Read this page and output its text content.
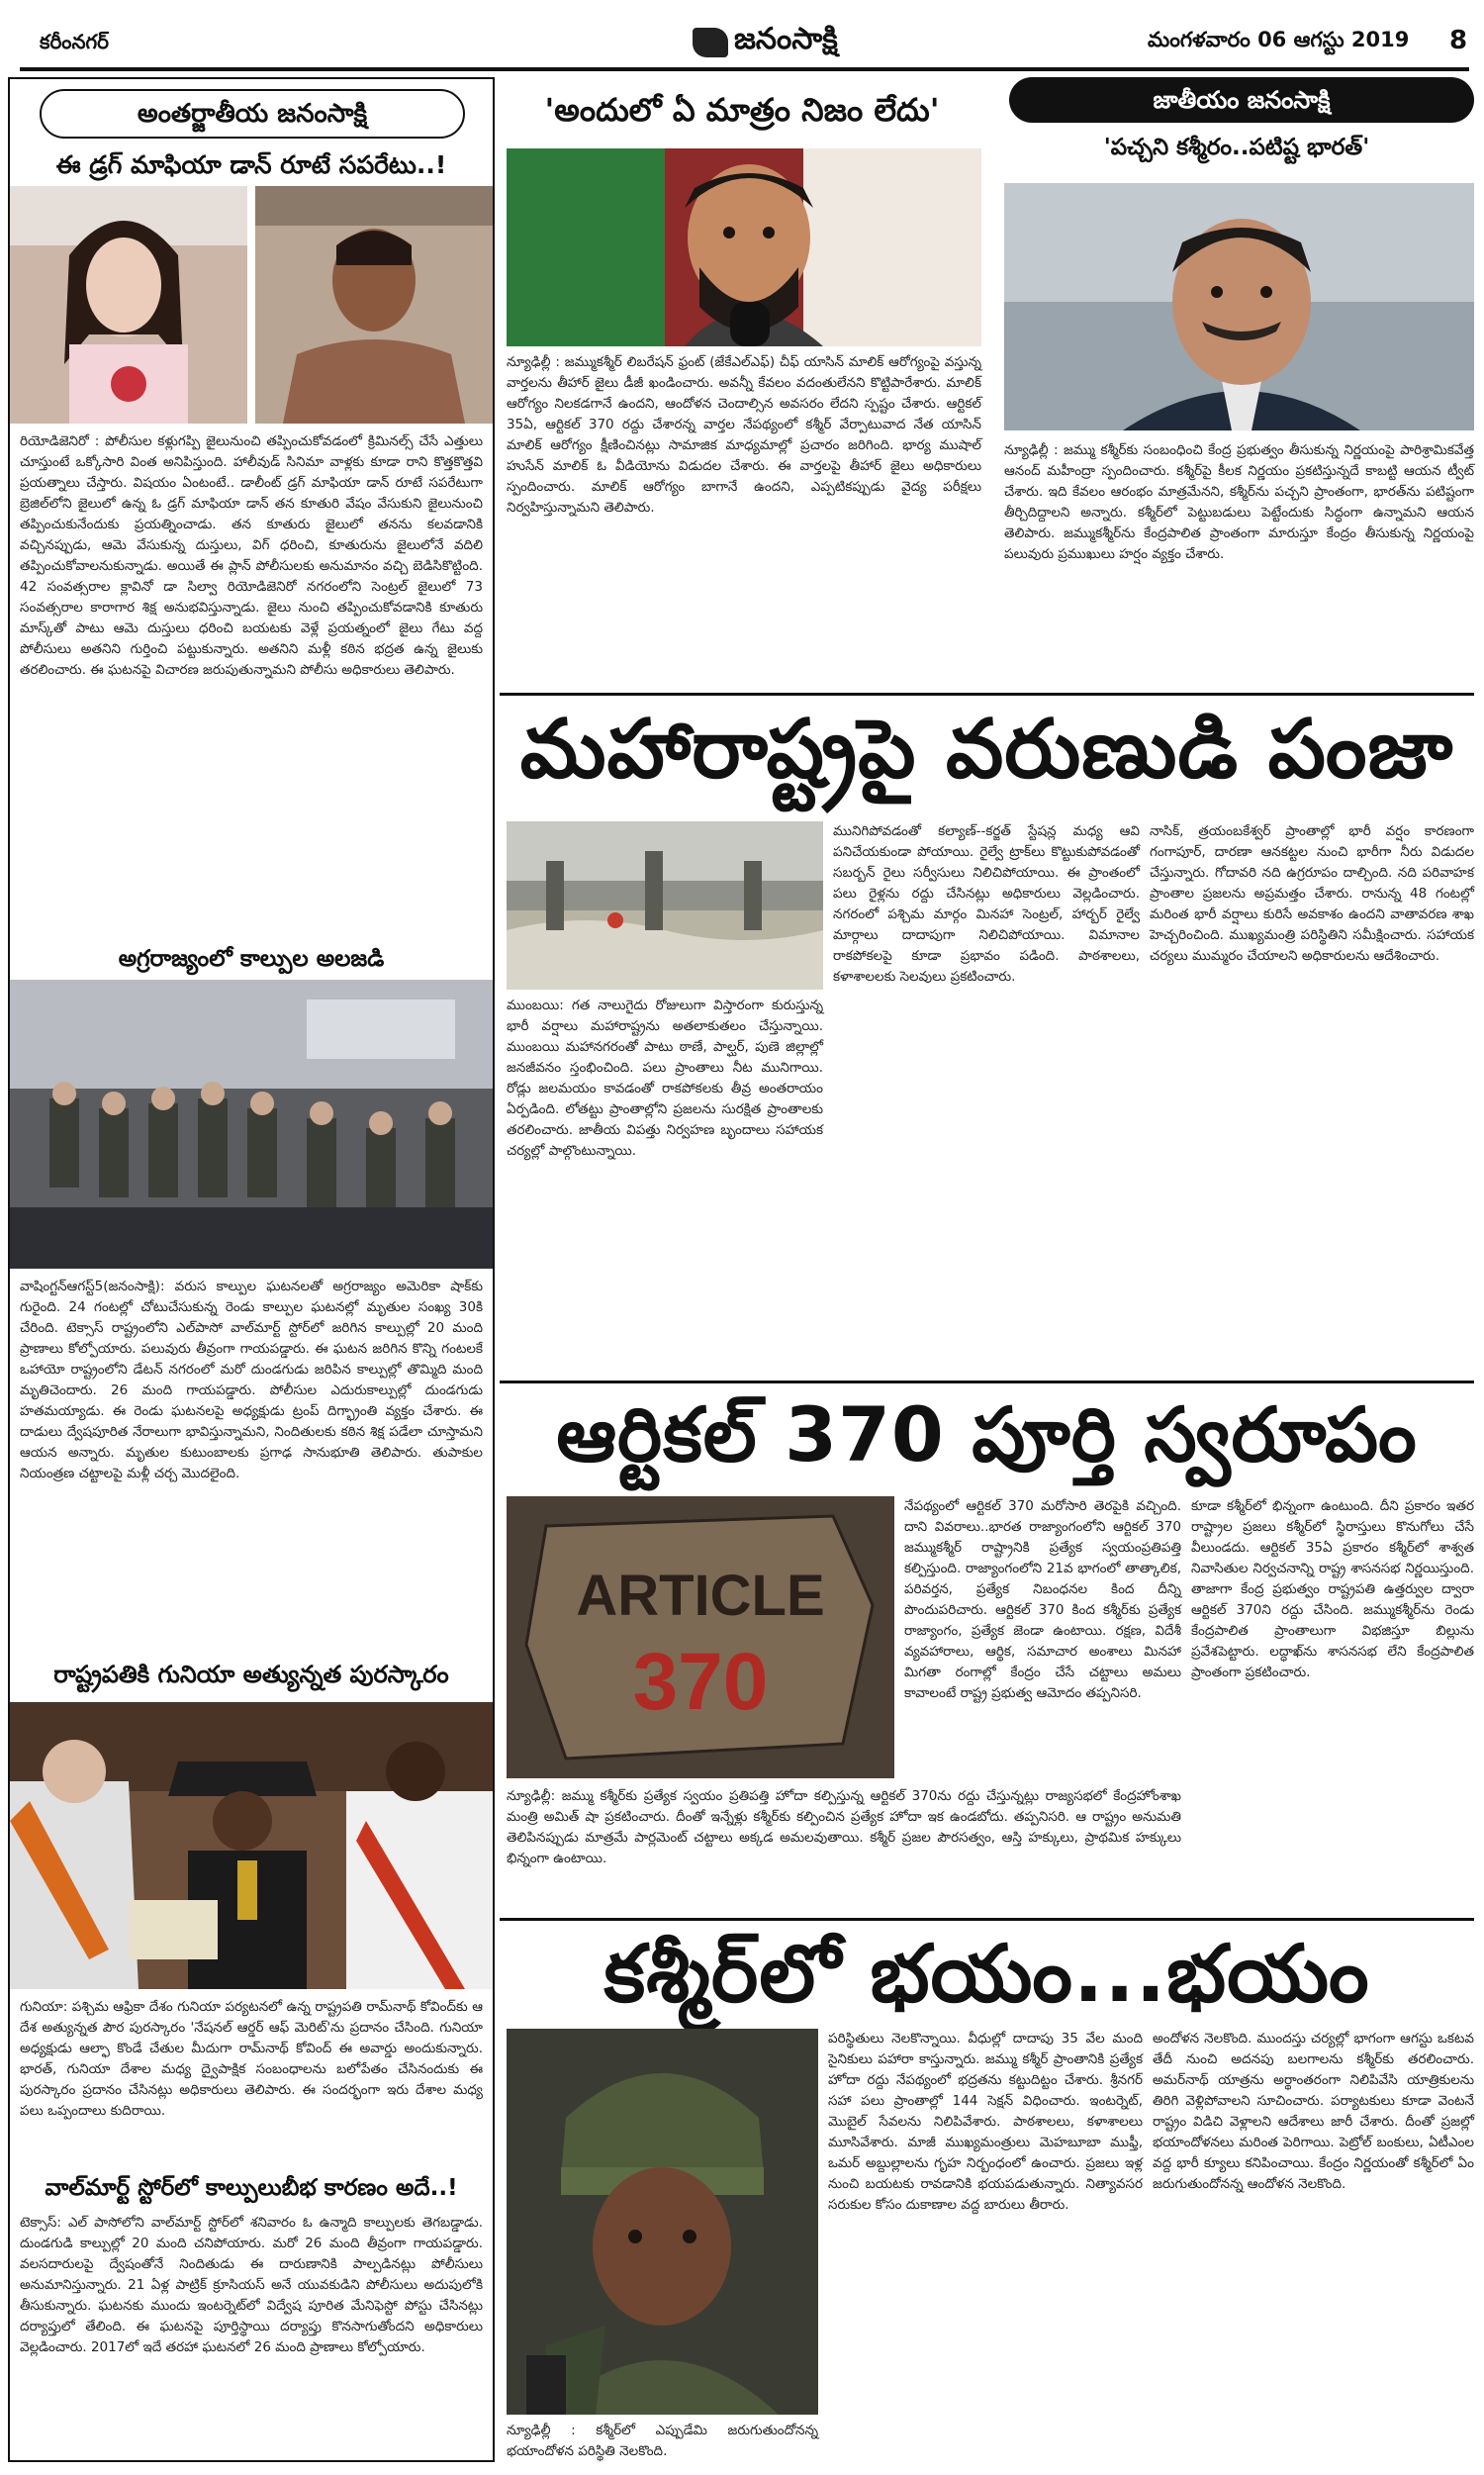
కరీంనగర్	జనంసాక్షి	మంగళవారం 06 ఆగస్టు 2019 8
అంతర్జాతీయ జనంసాక్షి
ఈ డ్రగ్ మాఫియా డాన్ రూటే సపరేటు..!
రియోడిజెనిరో : పోలీసుల కళ్లుగప్పి జైలునుంచి తప్పించుకోవడంలో క్రిమినల్స్ చేసే ఎత్తులు చూస్తుంటే ఒక్కోసారి వింత అనిపిస్తుంది. హాలీవుడ్ సినిమా వాళ్లకు కూడా రాని కొత్తకొత్తవి ప్రయత్నాలు చేస్తారు. విషయం ఏంటంటే.. డాలీంట్ డ్రగ్ మాఫియా డాన్ రూటే సపరేటుగా బ్రెజిల్‌లోని జైలులో ఉన్న ఓ డ్రగ్ మాఫియా డాన్ తన కూతురి వేషం వేసుకుని జైలునుంచి తప్పించుకునేందుకు ప్రయత్నించాడు. తన కూతురు జైలులో తనను కలవడానికి వచ్చినప్పుడు, ఆమె వేసుకున్న దుస్తులు, విగ్ ధరించి, కూతురును జైలులోనే వదిలి తప్పించుకోవాలనుకున్నాడు. అయితే ఈ ప్లాన్ పోలీసులకు అనుమానం వచ్చి బెడిసికొట్టింది. 42 సంవత్సరాల క్లావినో డా సిల్వా రియోడిజెనిరో నగరంలోని సెంట్రల్ జైలులో 73 సంవత్సరాల కారాగార శిక్ష అనుభవిస్తున్నాడు. జైలు నుంచి తప్పించుకోవడానికి కూతురు మాస్క్‌తో పాటు ఆమె దుస్తులు ధరించి బయటకు వెళ్లే ప్రయత్నంలో జైలు గేటు వద్ద పోలీసులు అతనిని గుర్తించి పట్టుకున్నారు. అతనిని మళ్లీ కఠిన భద్రత ఉన్న జైలుకు తరలించారు. ఈ ఘటనపై విచారణ జరుపుతున్నామని పోలీసు అధికారులు తెలిపారు.
అగ్రరాజ్యంలో కాల్పుల అలజడి
వాషింగ్టన్‌ఆగస్ట్‌5(జనంసాక్షి): వరుస కాల్పుల ఘటనలతో అగ్రరాజ్యం అమెరికా షాక్‌కు గురైంది. 24 గంటల్లో చోటుచేసుకున్న రెండు కాల్పుల ఘటనల్లో మృతుల సంఖ్య 30కి చేరింది. టెక్సాస్ రాష్ట్రంలోని ఎల్‌పాసో వాల్‌మార్ట్‌ స్టోర్‌లో జరిగిన కాల్పుల్లో 20 మంది ప్రాణాలు కోల్పోయారు. పలువురు తీవ్రంగా గాయపడ్డారు. ఈ ఘటన జరిగిన కొన్ని గంటలకే ఒహాయో రాష్ట్రంలోని డేటన్ నగరంలో మరో దుండగుడు జరిపిన కాల్పుల్లో తొమ్మిది మంది మృతిచెందారు. 26 మంది గాయపడ్డారు. పోలీసుల ఎదురుకాల్పుల్లో దుండగుడు హతమయ్యాడు. ఈ రెండు ఘటనలపై అధ్యక్షుడు ట్రంప్ దిగ్భ్రాంతి వ్యక్తం చేశారు. ఈ దాడులు ద్వేషపూరిత నేరాలుగా భావిస్తున్నామని, నిందితులకు కఠిన శిక్ష పడేలా చూస్తామని ఆయన అన్నారు. మృతుల కుటుంబాలకు ప్రగాఢ సానుభూతి తెలిపారు. తుపాకుల నియంత్రణ చట్టాలపై మళ్లీ చర్చ మొదలైంది.
రాష్ట్రపతికి గునియా అత్యున్నత పురస్కారం
గునియా: పశ్చిమ ఆఫ్రికా దేశం గునియా పర్యటనలో ఉన్న రాష్ట్రపతి రామ్‌నాథ్‌ కోవింద్‌కు ఆ దేశ అత్యున్నత పౌర పురస్కారం 'నేషనల్‌ ఆర్డర్‌ ఆఫ్‌ మెరిట్‌'ను ప్రదానం చేసింది. గునియా అధ్యక్షుడు ఆల్ఫా కొండే చేతుల మీదుగా రామ్‌నాథ్‌ కోవింద్‌ ఈ అవార్డు అందుకున్నారు. భారత్‌, గునియా దేశాల మధ్య ద్వైపాక్షిక సంబంధాలను బలోపేతం చేసినందుకు ఈ పురస్కారం ప్రదానం చేసినట్లు అధికారులు తెలిపారు. ఈ సందర్భంగా ఇరు దేశాల మధ్య పలు ఒప్పందాలు కుదిరాయి.
వాల్‌మార్ట్‌ స్టోర్‌లో కాల్పులుబీభ కారణం అదే..!
టెక్సాస్‌: ఎల్‌ పాసోలోని వాల్‌మార్ట్‌ స్టోర్‌లో శనివారం ఓ ఉన్మాది కాల్పులకు తెగబడ్డాడు. దుండగుడి కాల్పుల్లో 20 మంది చనిపోయారు. మరో 26 మంది తీవ్రంగా గాయపడ్డారు. వలసదారులపై ద్వేషంతోనే నిందితుడు ఈ దారుణానికి పాల్పడినట్లు పోలీసులు అనుమానిస్తున్నారు. 21 ఏళ్ల పాట్రిక్‌ క్రూసియస్‌ అనే యువకుడిని పోలీసులు అదుపులోకి తీసుకున్నారు. ఘటనకు ముందు ఇంటర్నెట్‌లో విద్వేష పూరిత మేనిఫెస్టో పోస్టు చేసినట్లు దర్యాప్తులో తేలింది. ఈ ఘటనపై పూర్తిస్థాయి దర్యాప్తు కొనసాగుతోందని అధికారులు వెల్లడించారు. 2017లో ఇదే తరహా ఘటనలో 26 మంది ప్రాణాలు కోల్పోయారు.
'అందులో ఏ మాత్రం నిజం లేదు'
న్యూఢిల్లీ : జమ్ముకశ్మీర్‌ లిబరేషన్‌ ఫ్రంట్‌ (జేకేఎల్‌ఎఫ్‌) చీఫ్‌ యాసిన్‌ మాలిక్‌ ఆరోగ్యంపై వస్తున్న వార్తలను తీహార్‌ జైలు డీజీ ఖండించారు. అవన్నీ కేవలం వదంతులేనని కొట్టిపారేశారు. మాలిక్‌ ఆరోగ్యం నిలకడగానే ఉందని, ఆందోళన చెందాల్సిన అవసరం లేదని స్పష్టం చేశారు. ఆర్టికల్‌ 35ఏ, ఆర్టికల్‌ 370 రద్దు చేశారన్న వార్తల నేపథ్యంలో కశ్మీర్‌ వేర్పాటువాద నేత యాసిన్‌ మాలిక్‌ ఆరోగ్యం క్షీణించినట్లు సామాజిక మాధ్యమాల్లో ప్రచారం జరిగింది. భార్య ముషాల్‌ హుసేన్‌ మాలిక్‌ ఓ వీడియోను విడుదల చేశారు. ఈ వార్తలపై తీహార్‌ జైలు అధికారులు స్పందించారు. మాలిక్‌ ఆరోగ్యం బాగానే ఉందని, ఎప్పటికప్పుడు వైద్య పరీక్షలు నిర్వహిస్తున్నామని తెలిపారు.
జాతీయం జనంసాక్షి
'పచ్చని కశ్మీరం..పటిష్ట భారత్‌'
న్యూఢిల్లీ : జమ్ము కశ్మీర్‌కు సంబంధించి కేంద్ర ప్రభుత్వం తీసుకున్న నిర్ణయంపై పారిశ్రామికవేత్త ఆనంద్‌ మహీంద్రా స్పందించారు. కశ్మీర్‌పై కీలక నిర్ణయం ప్రకటిస్తున్నదే కాబట్టి ఆయన ట్వీట్‌ చేశారు. ఇది కేవలం ఆరంభం మాత్రమేనని, కశ్మీర్‌ను పచ్చని ప్రాంతంగా, భారత్‌ను పటిష్టంగా తీర్చిదిద్దాలని అన్నారు. కశ్మీర్‌లో పెట్టుబడులు పెట్టేందుకు సిద్ధంగా ఉన్నామని ఆయన తెలిపారు. జమ్ముకశ్మీర్‌ను కేంద్రపాలిత ప్రాంతంగా మారుస్తూ కేంద్రం తీసుకున్న నిర్ణయంపై పలువురు ప్రముఖులు హర్షం వ్యక్తం చేశారు.
మహారాష్ట్రపై వరుణుడి పంజా
ముంబయి: గత నాలుగైదు రోజులుగా విస్తారంగా కురుస్తున్న భారీ వర్షాలు మహారాష్ట్రను అతలాకుతలం చేస్తున్నాయి. ముంబయి మహానగరంతో పాటు ఠాణే, పాల్ఘర్‌, పుణె జిల్లాల్లో జనజీవనం స్తంభించింది. పలు ప్రాంతాలు నీట మునిగాయి. రోడ్లు జలమయం కావడంతో రాకపోకలకు తీవ్ర అంతరాయం ఏర్పడింది. లోతట్టు ప్రాంతాల్లోని ప్రజలను సురక్షిత ప్రాంతాలకు తరలించారు. జాతీయ విపత్తు నిర్వహణ బృందాలు సహాయక చర్యల్లో పాల్గొంటున్నాయి.
మునిగిపోవడంతో కల్యాణ్‌--కర్జత్‌ స్టేషన్ల మధ్య ఆవి పనిచేయకుండా పోయాయి. రైల్వే ట్రాక్‌లు కొట్టుకుపోవడంతో సబర్బన్‌ రైలు సర్వీసులు నిలిచిపోయాయి. ఈ ప్రాంతంలో పలు రైళ్లను రద్దు చేసినట్లు అధికారులు వెల్లడించారు. నగరంలో పశ్చిమ మార్గం మినహా సెంట్రల్‌, హార్బర్‌ రైల్వే మార్గాలు దాదాపుగా నిలిచిపోయాయి. విమానాల రాకపోకలపై కూడా ప్రభావం పడింది. పాఠశాలలు, కళాశాలలకు సెలవులు ప్రకటించారు.
నాసిక్‌, త్రయంబకేశ్వర్‌ ప్రాంతాల్లో భారీ వర్షం కారణంగా గంగాపూర్‌, దారణా ఆనకట్టల నుంచి భారీగా నీరు విడుదల చేస్తున్నారు. గోదావరి నది ఉగ్రరూపం దాల్చింది. నది పరివాహక ప్రాంతాల ప్రజలను అప్రమత్తం చేశారు. రానున్న 48 గంటల్లో మరింత భారీ వర్షాలు కురిసే అవకాశం ఉందని వాతావరణ శాఖ హెచ్చరించింది. ముఖ్యమంత్రి పరిస్థితిని సమీక్షించారు. సహాయక చర్యలు ముమ్మరం చేయాలని అధికారులను ఆదేశించారు.
ఆర్టికల్‌ 370 పూర్తి స్వరూపం
ARTICLE
370
నేపథ్యంలో ఆర్టికల్‌ 370 మరోసారి తెరపైకి వచ్చింది. దాని వివరాలు..భారత రాజ్యాంగంలోని ఆర్టికల్‌ 370 జమ్ముకశ్మీర్‌ రాష్ట్రానికి ప్రత్యేక స్వయంప్రతిపత్తి కల్పిస్తుంది. రాజ్యాంగంలోని 21వ భాగంలో తాత్కాలిక, పరివర్తన, ప్రత్యేక నిబంధనల కింద దీన్ని పొందుపరిచారు. ఆర్టికల్‌ 370 కింద కశ్మీర్‌కు ప్రత్యేక రాజ్యాంగం, ప్రత్యేక జెండా ఉంటాయి. రక్షణ, విదేశీ వ్యవహారాలు, ఆర్థిక, సమాచార అంశాలు మినహా మిగతా రంగాల్లో కేంద్రం చేసే చట్టాలు అమలు కావాలంటే రాష్ట్ర ప్రభుత్వ ఆమోదం తప్పనిసరి.
కూడా కశ్మీర్‌లో భిన్నంగా ఉంటుంది. దీని ప్రకారం ఇతర రాష్ట్రాల ప్రజలు కశ్మీర్‌లో స్థిరాస్తులు కొనుగోలు చేసే వీలుండదు. ఆర్టికల్‌ 35ఏ ప్రకారం కశ్మీర్‌లో శాశ్వత నివాసితుల నిర్వచనాన్ని రాష్ట్ర శాసనసభ నిర్ణయిస్తుంది. తాజాగా కేంద్ర ప్రభుత్వం రాష్ట్రపతి ఉత్తర్వుల ద్వారా ఆర్టికల్‌ 370ని రద్దు చేసింది. జమ్ముకశ్మీర్‌ను రెండు కేంద్రపాలిత ప్రాంతాలుగా విభజిస్తూ బిల్లును ప్రవేశపెట్టారు. లద్ధాఖ్‌ను శాసనసభ లేని కేంద్రపాలిత ప్రాంతంగా ప్రకటించారు.
న్యూఢిల్లీ: జమ్ము కశ్మీర్‌కు ప్రత్యేక స్వయం ప్రతిపత్తి హోదా కల్పిస్తున్న ఆర్టికల్‌ 370ను రద్దు చేస్తున్నట్లు రాజ్యసభలో కేంద్రహోంశాఖ మంత్రి అమిత్‌ షా ప్రకటించారు. దీంతో ఇన్నేళ్లు కశ్మీర్‌కు కల్పించిన ప్రత్యేక హోదా ఇక ఉండబోదు. తప్పనిసరి. ఆ రాష్ట్రం అనుమతి తెలిపినప్పుడు మాత్రమే పార్లమెంట్‌ చట్టాలు అక్కడ అమలవుతాయి. కశ్మీర్‌ ప్రజల పౌరసత్వం, ఆస్తి హక్కులు, ప్రాథమిక హక్కులు భిన్నంగా ఉంటాయి.
కశ్మీర్‌లో భయం...భయం
న్యూఢిల్లీ : కశ్మీర్‌లో ఎప్పుడేమి జరుగుతుందోనన్న భయాందోళన పరిస్థితి నెలకొంది.
పరిస్థితులు నెలకొన్నాయి. వీధుల్లో దాదాపు 35 వేల మంది సైనికులు పహారా కాస్తున్నారు. జమ్ము కశ్మీర్‌ ప్రాంతానికి ప్రత్యేక హోదా రద్దు నేపథ్యంలో భద్రతను కట్టుదిట్టం చేశారు. శ్రీనగర్‌ సహా పలు ప్రాంతాల్లో 144 సెక్షన్‌ విధించారు. ఇంటర్నెట్‌, మొబైల్‌ సేవలను నిలిపివేశారు. పాఠశాలలు, కళాశాలలు మూసివేశారు. మాజీ ముఖ్యమంత్రులు మెహబూబా ముఫ్తీ, ఒమర్‌ అబ్దుల్లాలను గృహ నిర్బంధంలో ఉంచారు. ప్రజలు ఇళ్ల నుంచి బయటకు రావడానికి భయపడుతున్నారు. నిత్యావసర సరుకుల కోసం దుకాణాల వద్ద బారులు తీరారు.
అందోళన నెలకొంది. ముందస్తు చర్యల్లో భాగంగా ఆగస్టు ఒకటవ తేదీ నుంచి అదనపు బలగాలను కశ్మీర్‌కు తరలించారు. అమర్‌నాథ్‌ యాత్రను అర్థాంతరంగా నిలిపివేసి యాత్రికులను తిరిగి వెళ్లిపోవాలని సూచించారు. పర్యాటకులు కూడా వెంటనే రాష్ట్రం విడిచి వెళ్లాలని ఆదేశాలు జారీ చేశారు. దీంతో ప్రజల్లో భయాందోళనలు మరింత పెరిగాయి. పెట్రోల్‌ బంకులు, ఏటీఎంల వద్ద భారీ క్యూలు కనిపించాయి. కేంద్రం నిర్ణయంతో కశ్మీర్‌లో ఏం జరుగుతుందోనన్న ఆందోళన నెలకొంది.
